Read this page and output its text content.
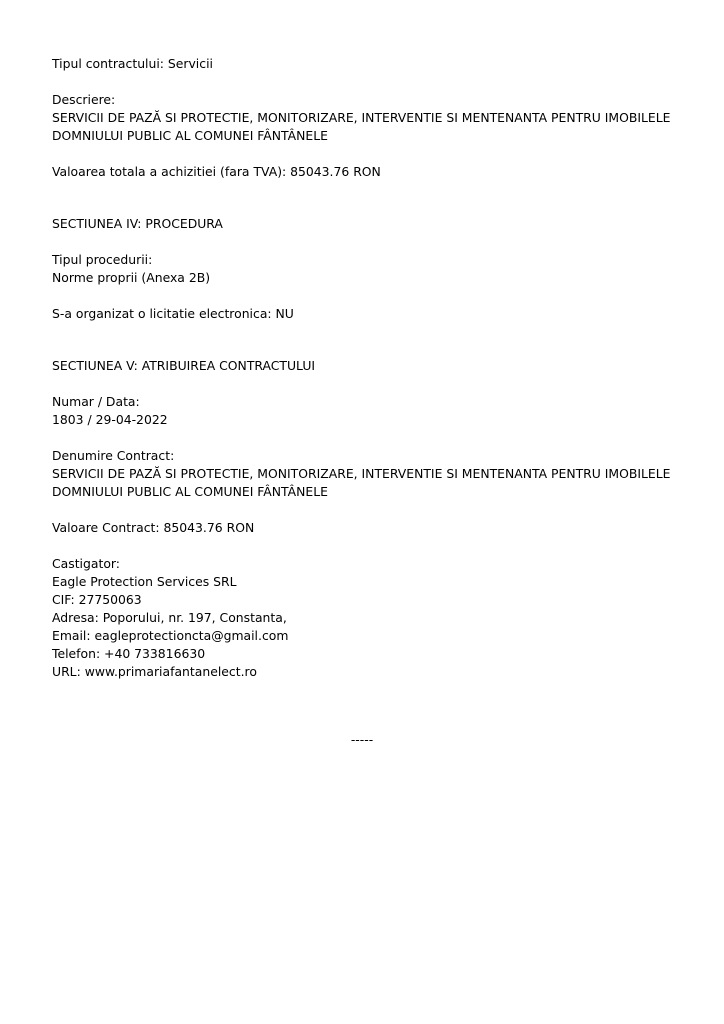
Tipul contractului: Servicii
Descriere:
SERVICII DE PAZĂ SI PROTECTIE, MONITORIZARE, INTERVENTIE SI MENTENANTA PENTRU IMOBILELE
DOMNIULUI PUBLIC AL COMUNEI FÂNTÂNELE
Valoarea totala a achizitiei (fara TVA): 85043.76 RON
SECTIUNEA IV: PROCEDURA
Tipul procedurii:
Norme proprii (Anexa 2B)
S-a organizat o licitatie electronica: NU
SECTIUNEA V: ATRIBUIREA CONTRACTULUI
Numar / Data:
1803 / 29-04-2022
Denumire Contract:
SERVICII DE PAZĂ SI PROTECTIE, MONITORIZARE, INTERVENTIE SI MENTENANTA PENTRU IMOBILELE
DOMNIULUI PUBLIC AL COMUNEI FÂNTÂNELE
Valoare Contract: 85043.76 RON
Castigator:
Eagle Protection Services SRL
CIF: 27750063
Adresa: Poporului, nr. 197, Constanta,
Email: eagleprotectioncta@gmail.com
Telefon: +40 733816630
URL: www.primariafantanelect.ro
-----
